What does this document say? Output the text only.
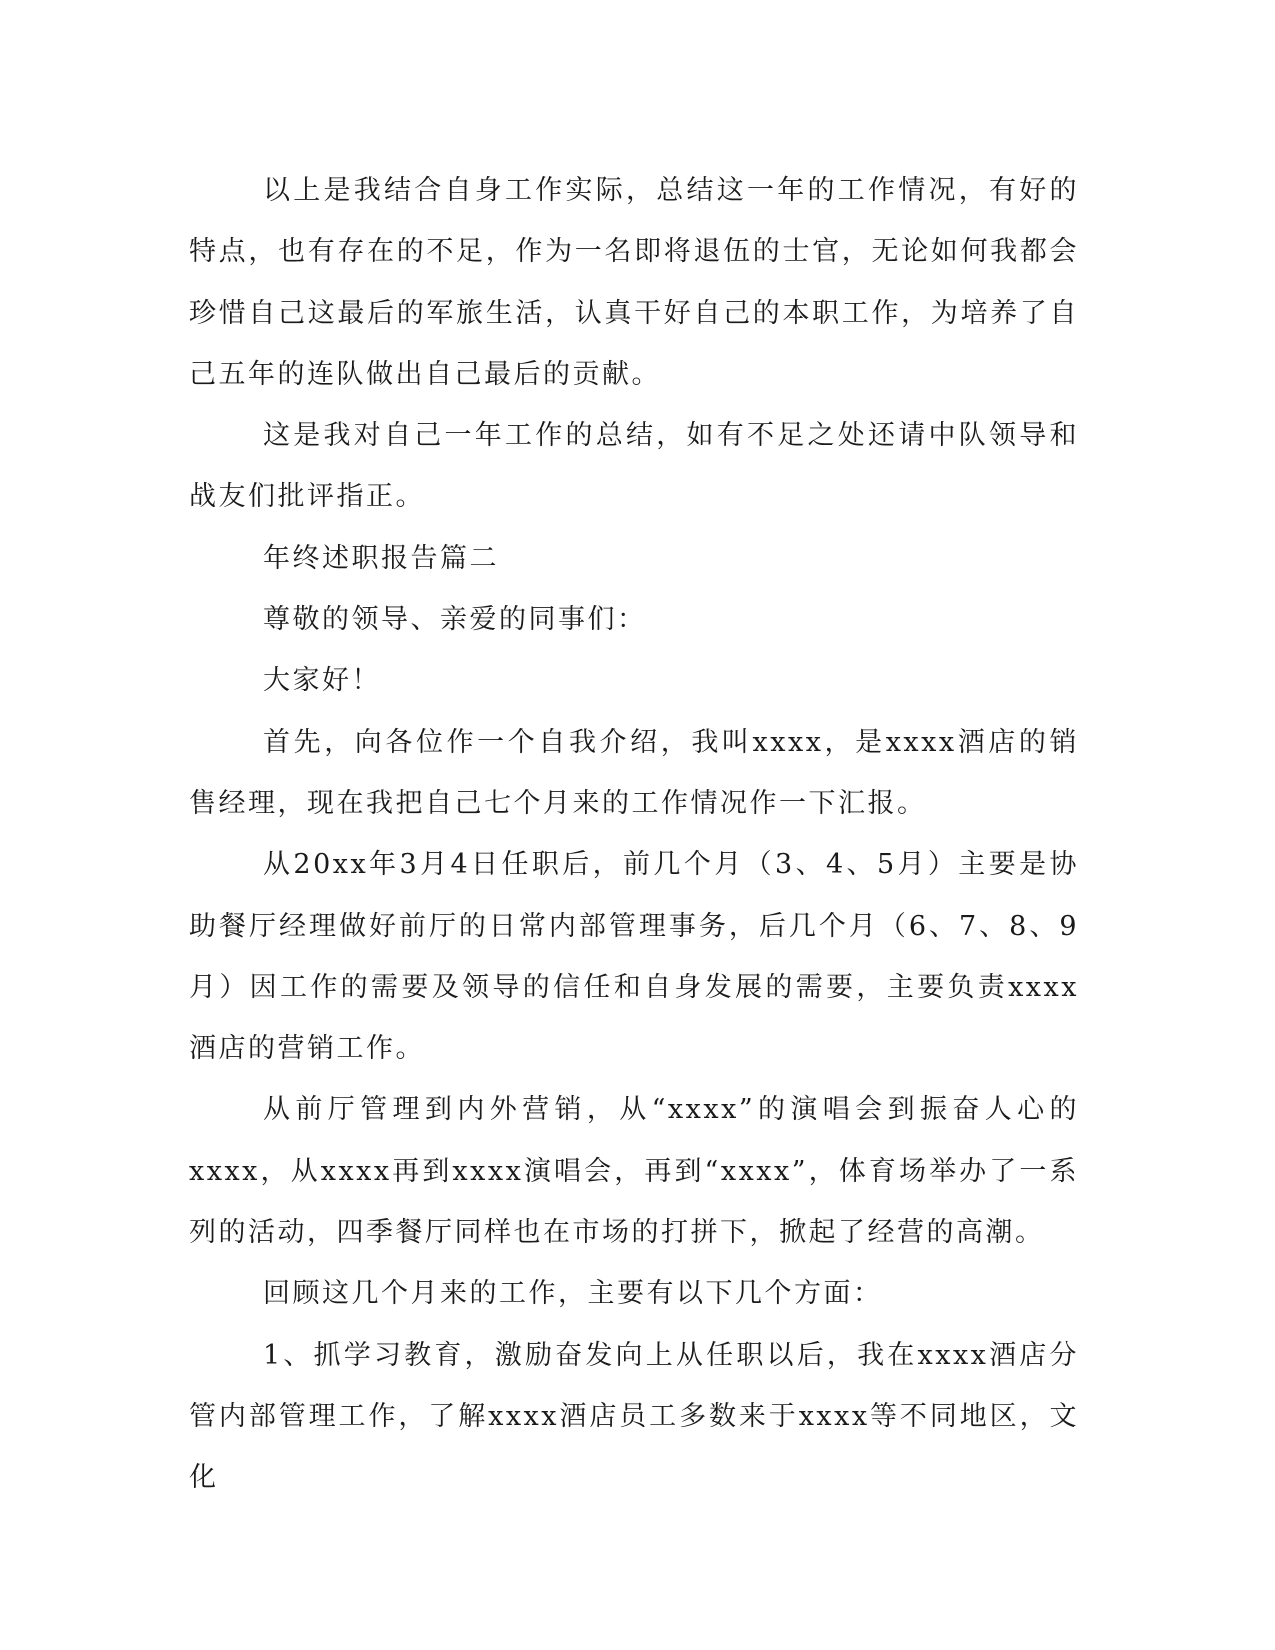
以上是我结合自身工作实际，总结这一年的工作情况，有好的特点，也有存在的不足，作为一名即将退伍的士官，无论如何我都会珍惜自己这最后的军旅生活，认真干好自己的本职工作，为培养了自己五年的连队做出自己最后的贡献。

这是我对自己一年工作的总结，如有不足之处还请中队领导和战友们批评指正。

年终述职报告篇二

尊敬的领导、亲爱的同事们：

大家好！

首先，向各位作一个自我介绍，我叫xxxx，是xxxx酒店的销售经理，现在我把自己七个月来的工作情况作一下汇报。

从20xx年3月4日任职后，前几个月（3、4、5月）主要是协助餐厅经理做好前厅的日常内部管理事务，后几个月（6、7、8、9月）因工作的需要及领导的信任和自身发展的需要，主要负责xxxx酒店的营销工作。

从前厅管理到内外营销，从“xxxx”的演唱会到振奋人心的xxxx，从xxxx再到xxxx演唱会，再到“xxxx”，体育场举办了一系列的活动，四季餐厅同样也在市场的打拼下，掀起了经营的高潮。

回顾这几个月来的工作，主要有以下几个方面：

1、抓学习教育，激励奋发向上从任职以后，我在xxxx酒店分管内部管理工作，了解xxxx酒店员工多数来于xxxx等不同地区，文化
